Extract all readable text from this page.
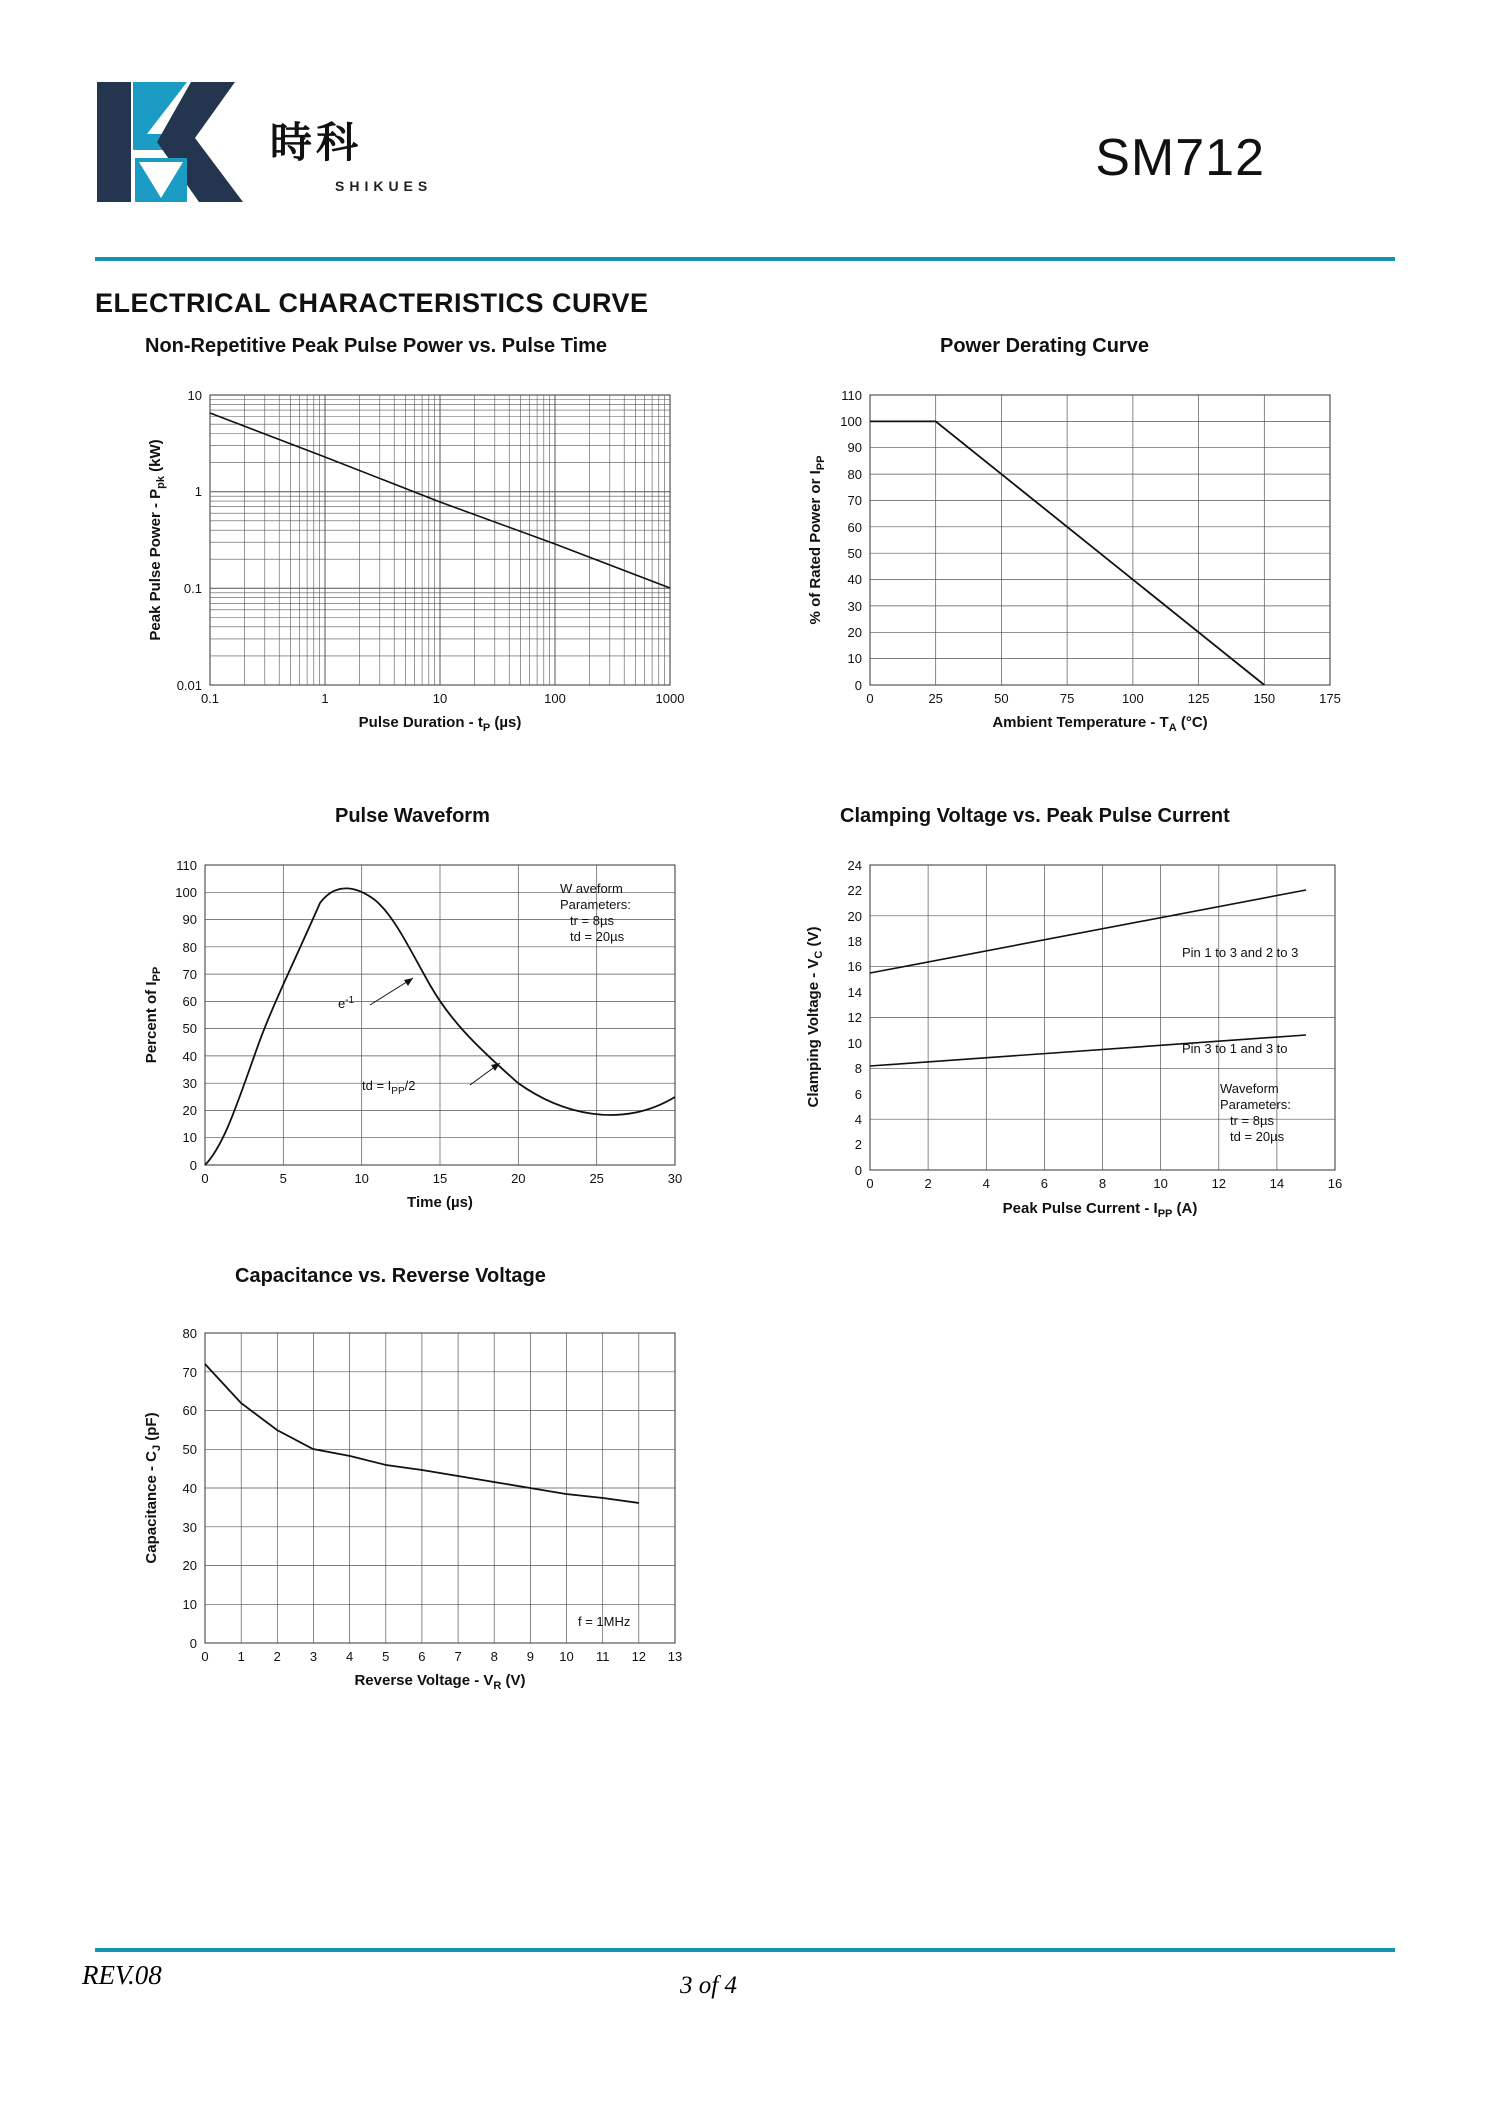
時科
SHIKUES	SM712
ELECTRICAL CHARACTERISTICS CURVE
Non-Repetitive Peak Pulse Power vs. Pulse Time
0.1	1	10	100	1000
0.01
0.1
1
10
Pulse Duration - $t_P$ (µs)
Peak Pulse Power - $P_{pk}$ (kW)
Power Derating Curve
0	25	50	75	100	125	150	175
0
10
20
30
40
50
60
70
80
90
100
110
Ambient Temperature - $T_A$ (°C)
% of Rated Power or $I_{PP}$
Pulse Waveform
W aveform
Parameters:
tr = 8µs
td = 20µs
$e^{-1}$
td = $I_{PP}/2$
0	5	10	15	20	25	30
0
10
20
30
40
50
60
70
80
90
100
110
Time (µs)
Percent of $I_{PP}$
Clamping Voltage vs. Peak Pulse Current
Pin 1 to 3 and 2 to 3
Pin 3 to 1 and 3 to
Waveform
Parameters:
tr = 8µs
td = 20µs
0	2	4	6	8	10	12	14	16
0
2
4
6
8
10
12
14
16
18
20
22
24
Peak Pulse Current - $I_{PP}$ (A)
Clamping Voltage - $V_C$ (V)
Capacitance vs. Reverse Voltage
f = 1MHz
0 1 2 3 4 5 6 7 8 9 10 11 12 13
0
10
20
30
40
50
60
70
80
Reverse Voltage - $V_R$ (V)
Capacitance - $C_J$ (pF)
REV.08	3 of 4
